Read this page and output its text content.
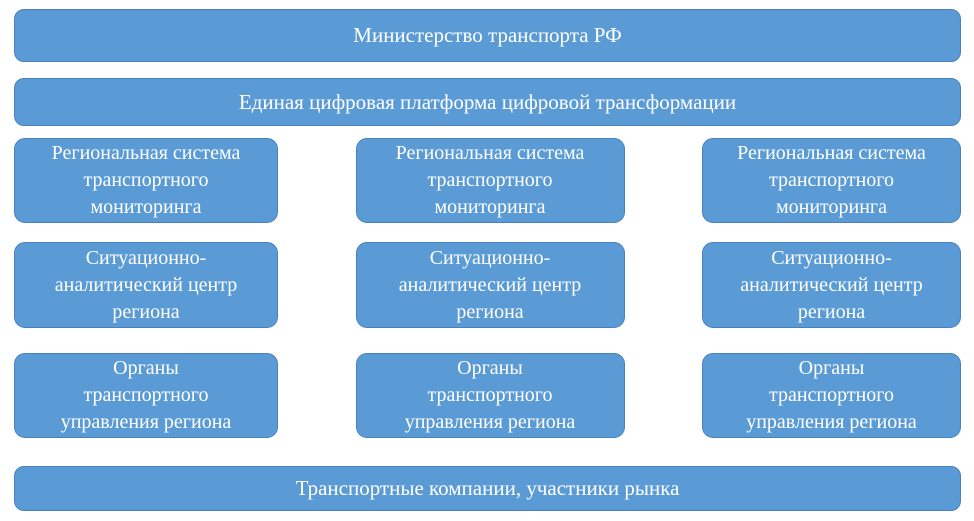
Министерство транспорта РФ
Единая цифровая платформа цифровой трансформации
Региональная система
транспортного
мониторинга
Региональная система
транспортного
мониторинга
Региональная система
транспортного
мониторинга
Ситуационно-
аналитический центр
региона
Ситуационно-
аналитический центр
региона
Ситуационно-
аналитический центр
региона
Органы
транспортного
управления региона
Органы
транспортного
управления региона
Органы
транспортного
управления региона
Транспортные компании, участники рынка
